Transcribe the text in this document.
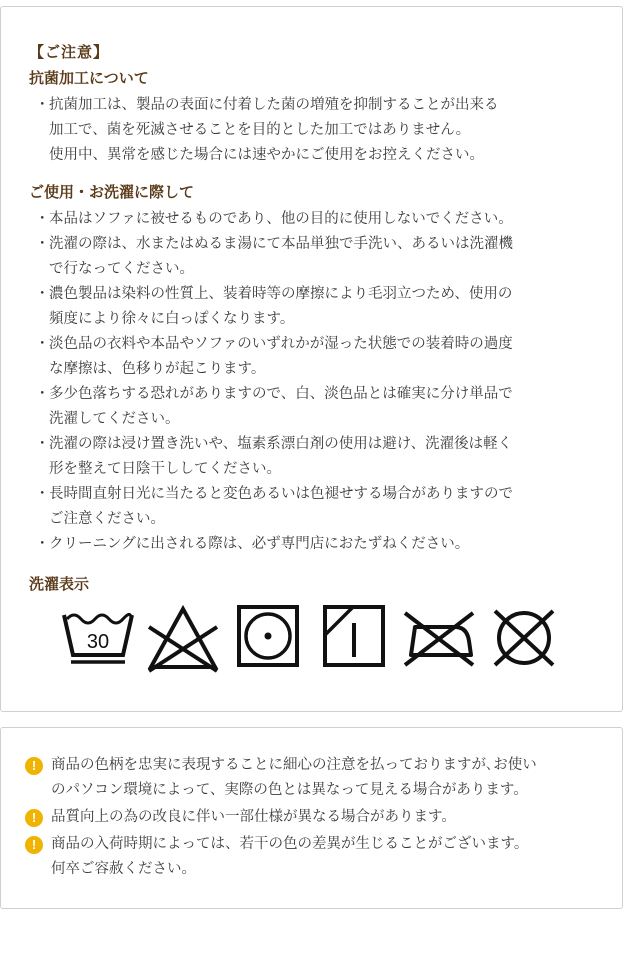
【ご注意】
抗菌加工について
・ 抗菌加工は、製品の表面に付着した菌の増殖を抑制することが出来る
加工で、菌を死滅させることを目的とした加工ではありません。
使用中、異常を感じた場合には速やかにご使用をお控えください。
ご使用・お洗濯に際して
・ 本品はソファに被せるものであり、他の目的に使用しないでください。
・ 洗濯の際は、水またはぬるま湯にて本品単独で手洗い、あるいは洗濯機
で行なってください。
・ 濃色製品は染料の性質上、装着時等の摩擦により毛羽立つため、使用の
頻度により徐々に白っぽくなります。
・ 淡色品の衣料や本品やソファのいずれかが湿った状態での装着時の過度
な摩擦は、色移りが起こります。
・ 多少色落ちする恐れがありますので、白、淡色品とは確実に分け単品で
洗濯してください。
・ 洗濯の際は浸け置き洗いや、塩素系漂白剤の使用は避け、洗濯後は軽く
形を整えて日陰干ししてください。
・ 長時間直射日光に当たると変色あるいは色褪せする場合がありますので
ご注意ください。
・ クリーニングに出される際は、必ず専門店におたずねください。
洗濯表示
30
!	商品の色柄を忠実に表現することに細心の注意を払っておりますが､お使い
のパソコン環境によって、実際の色とは異なって見える場合があります。
!	品質向上の為の改良に伴い一部仕様が異なる場合があります。
!	商品の入荷時期によっては、若干の色の差異が生じることがございます。
何卒ご容赦ください。
